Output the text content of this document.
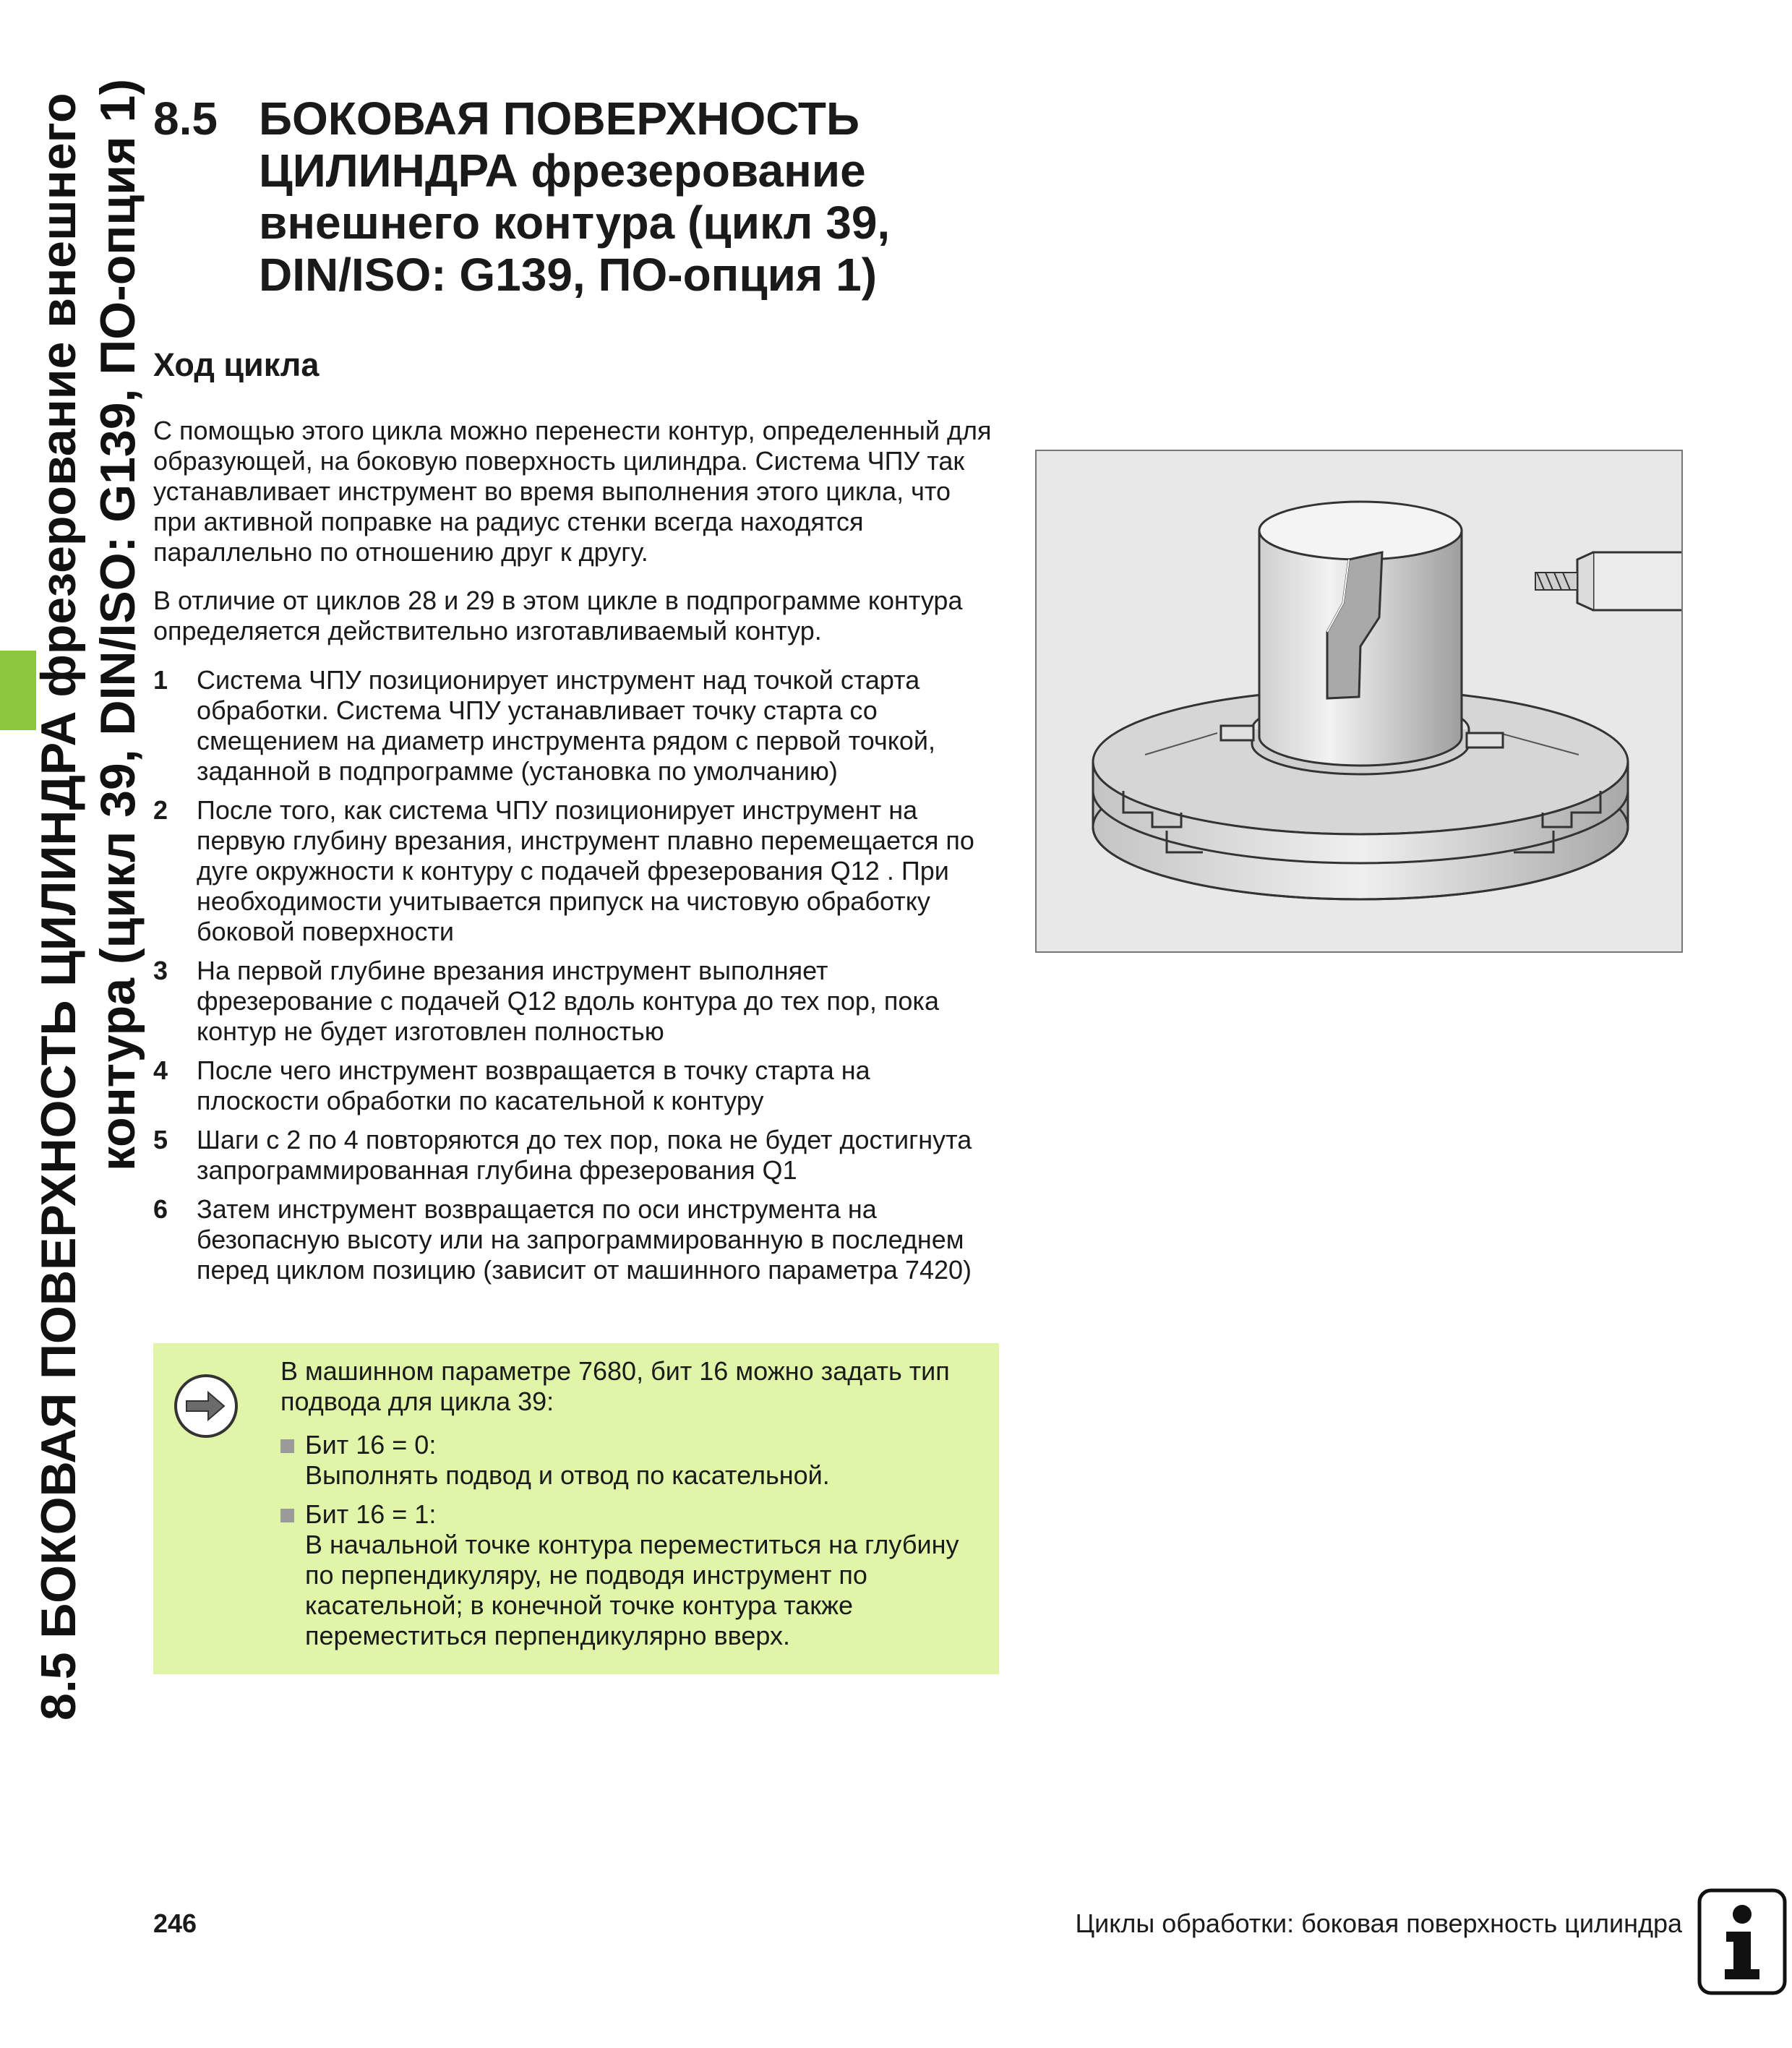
8.5 БОКОВАЯ ПОВЕРХНОСТЬ ЦИЛИНДРА фрезерование внешнего контура (цикл 39, DIN/ISO: G139, ПО-опция 1) 8.5 БОКОВАЯ ПОВЕРХНОСТЬ ЦИЛИНДРА фрезерование внешнего контура (цикл 39, DIN/ISO: G139, ПО-опция 1)
Ход цикла
С помощью этого цикла можно перенести контур, определенный для образующей, на боковую поверхность цилиндра. Система ЧПУ так устанавливает инструмент во время выполнения этого цикла, что при активной поправке на радиус стенки всегда находятся параллельно по отношению друг к другу.
В отличие от циклов 28 и 29 в этом цикле в подпрограмме контура определяется действительно изготавливаемый контур.
1 Система ЧПУ позиционирует инструмент над точкой старта обработки. Система ЧПУ устанавливает точку старта со смещением на диаметр инструмента рядом с первой точкой, заданной в подпрограмме (установка по умолчанию)
2 После того, как система ЧПУ позиционирует инструмент на первую глубину врезания, инструмент плавно перемещается по дуге окружности к контуру с подачей фрезерования Q12 . При необходимости учитывается припуск на чистовую обработку боковой поверхности
3 На первой глубине врезания инструмент выполняет фрезерование с подачей Q12 вдоль контура до тех пор, пока контур не будет изготовлен полностью
4 После чего инструмент возвращается в точку старта на плоскости обработки по касательной к контуру
5 Шаги с 2 по 4 повторяются до тех пор, пока не будет достигнута запрограммированная глубина фрезерования Q1
6 Затем инструмент возвращается по оси инструмента на безопасную высоту или на запрограммированную в последнем перед циклом позицию (зависит от машинного параметра 7420)
В машинном параметре 7680, бит 16 можно задать тип подвода для цикла 39:
Бит 16 = 0:
Выполнять подвод и отвод по касательной.
Бит 16 = 1:
В начальной точке контура переместиться на глубину по перпендикуляру, не подводя инструмент по касательной; в конечной точке контура также переместиться перпендикулярно вверх.
246	Циклы обработки: боковая поверхность цилиндра
